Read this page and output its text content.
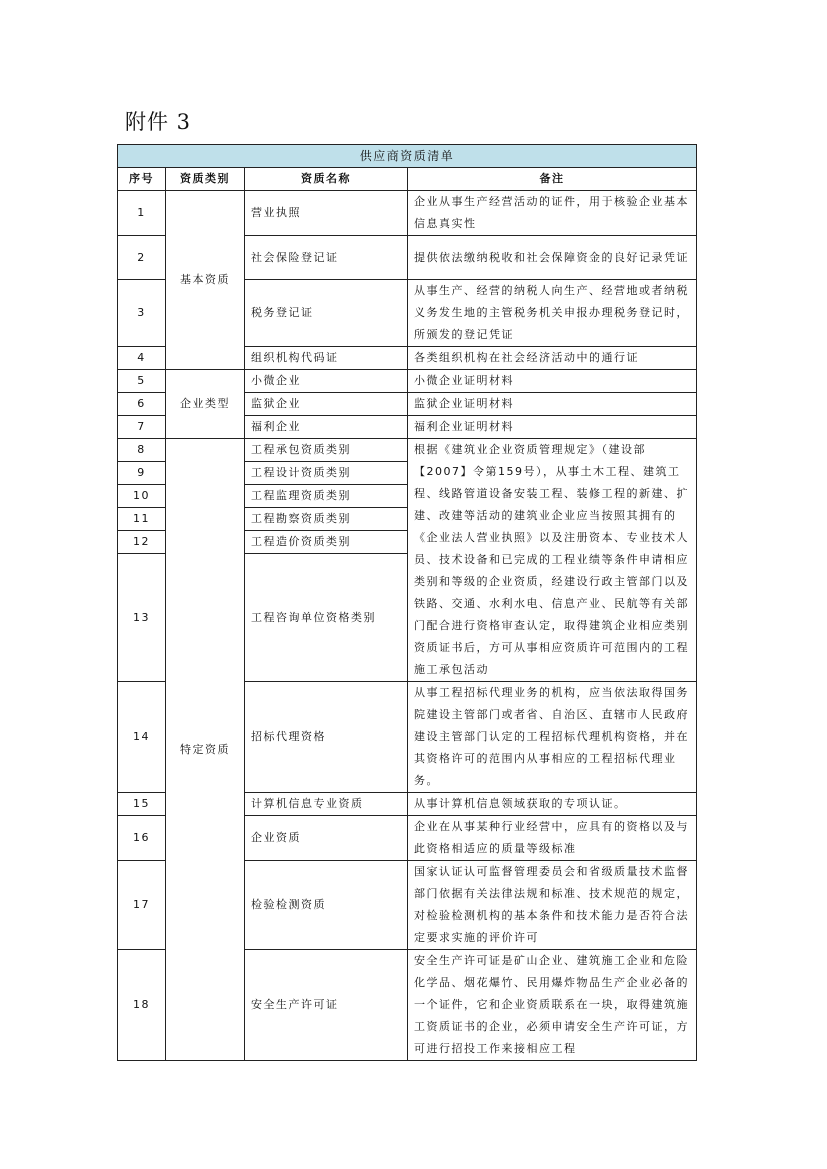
附件 3
供应商资质清单			
序号	资质类别	资质名称	备注
1	基本资质	营业执照	企业从事生产经营活动的证件，用于核验企业基本信息真实性
2		社会保险登记证	提供依法缴纳税收和社会保障资金的良好记录凭证
3		税务登记证	从事生产、经营的纳税人向生产、经营地或者纳税义务发生地的主管税务机关申报办理税务登记时，所颁发的登记凭证
4		组织机构代码证	各类组织机构在社会经济活动中的通行证
5	企业类型	小微企业	小微企业证明材料
6		监狱企业	监狱企业证明材料
7		福利企业	福利企业证明材料
8	特定资质	工程承包资质类别	根据《建筑业企业资质管理规定》（建设部【2007】令第159号），从事土木工程、建筑工程、线路管道设备安装工程、装修工程的新建、扩建、改建等活动的建筑业企业应当按照其拥有的《企业法人营业执照》以及注册资本、专业技术人员、技术设备和已完成的工程业绩等条件申请相应类别和等级的企业资质，经建设行政主管部门以及铁路、交通、水利水电、信息产业、民航等有关部门配合进行资格审查认定，取得建筑企业相应类别资质证书后，方可从事相应资质许可范围内的工程施工承包活动
9		工程设计资质类别	
10		工程监理资质类别	
11		工程勘察资质类别	
12		工程造价资质类别	
13		工程咨询单位资格类别	
14		招标代理资格	从事工程招标代理业务的机构，应当依法取得国务院建设主管部门或者省、自治区、直辖市人民政府建设主管部门认定的工程招标代理机构资格，并在其资格许可的范围内从事相应的工程招标代理业务。
15		计算机信息专业资质	从事计算机信息领域获取的专项认证。
16		企业资质	企业在从事某种行业经营中，应具有的资格以及与此资格相适应的质量等级标准
17		检验检测资质	国家认证认可监督管理委员会和省级质量技术监督部门依据有关法律法规和标准、技术规范的规定，对检验检测机构的基本条件和技术能力是否符合法定要求实施的评价许可
18		安全生产许可证	安全生产许可证是矿山企业、建筑施工企业和危险化学品、烟花爆竹、民用爆炸物品生产企业必备的一个证件，它和企业资质联系在一块，取得建筑施工资质证书的企业，必须申请安全生产许可证，方可进行招投工作来接相应工程
